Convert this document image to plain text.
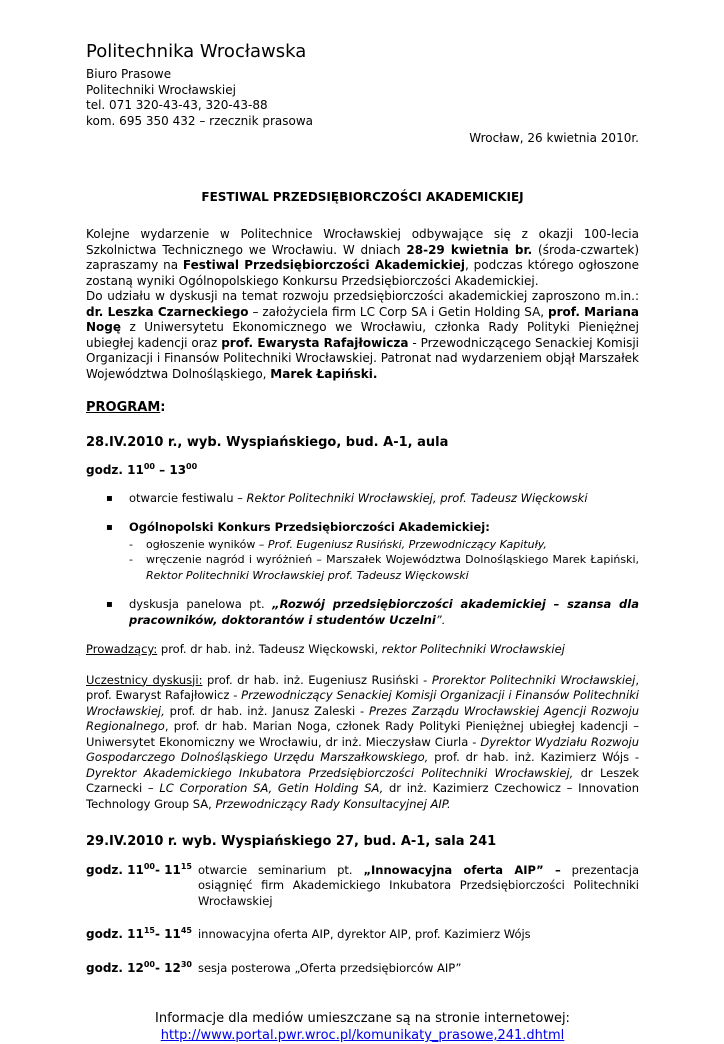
Politechnika Wrocławska

Biuro Prasowe

Politechniki Wrocławskiej

tel. 071 320-43-43, 320-43-88

kom. 695 350 432 – rzecznik prasowa

Wrocław, 26 kwietnia 2010r.

FESTIWAL PRZEDSIĘBIORCZOŚCI AKADEMICKIEJ

Kolejne wydarzenie w Politechnice Wrocławskiej odbywające się z okazji 100-lecia Szkolnictwa Technicznego we Wrocławiu. W dniach 28-29 kwietnia br. (środa-czwartek) zapraszamy na Festiwal Przedsiębiorczości Akademickiej, podczas którego ogłoszone zostaną wyniki Ogólnopolskiego Konkursu Przedsiębiorczości Akademickiej.

Do udziału w dyskusji na temat rozwoju przedsiębiorczości akademickiej zaproszono m.in.: dr. Leszka Czarneckiego – założyciela firm LC Corp SA i Getin Holding SA, prof. Mariana Nogę z Uniwersytetu Ekonomicznego we Wrocławiu, członka Rady Polityki Pieniężnej ubiegłej kadencji oraz prof. Ewarysta Rafajłowicza - Przewodniczącego Senackiej Komisji Organizacji i Finansów Politechniki Wrocławskiej. Patronat nad wydarzeniem objął Marszałek Województwa Dolnośląskiego, Marek Łapiński.

PROGRAM:
28.IV.2010 r., wyb. Wyspiańskiego, bud. A-1, aula
godz. $11^{00} - 13^{00}$
▪ otwarcie festiwalu – Rektor Politechniki Wrocławskiej, prof. Tadeusz Więckowski
▪ Ogólnopolski Konkurs Przedsiębiorczości Akademickiej:
- ogłoszenie wyników – Prof. Eugeniusz Rusiński, Przewodniczący Kapituły,
- wręczenie nagród i wyróżnień – Marszałek Województwa Dolnośląskiego Marek Łapiński, Rektor Politechniki Wrocławskiej prof. Tadeusz Więckowski
▪ dyskusja panelowa pt. „Rozwój przedsiębiorczości akademickiej – szansa dla pracowników, doktorantów i studentów Uczelni”.

Prowadzący: prof. dr hab. inż. Tadeusz Więckowski, rektor Politechniki Wrocławskiej

Uczestnicy dyskusji: prof. dr hab. inż. Eugeniusz Rusiński - Prorektor Politechniki Wrocławskiej, prof. Ewaryst Rafajłowicz - Przewodniczący Senackiej Komisji Organizacji i Finansów Politechniki Wrocławskiej, prof. dr hab. inż. Janusz Zaleski - Prezes Zarządu Wrocławskiej Agencji Rozwoju Regionalnego, prof. dr hab. Marian Noga, członek Rady Polityki Pieniężnej ubiegłej kadencji – Uniwersytet Ekonomiczny we Wrocławiu, dr inż. Mieczysław Ciurla - Dyrektor Wydziału Rozwoju Gospodarczego Dolnośląskiego Urzędu Marszałkowskiego, prof. dr hab. inż. Kazimierz Wójs - Dyrektor Akademickiego Inkubatora Przedsiębiorczości Politechniki Wrocławskiej, dr Leszek Czarnecki – LC Corporation SA, Getin Holding SA, dr inż. Kazimierz Czechowicz – Innovation Technology Group SA, Przewodniczący Rady Konsultacyjnej AIP.

29.IV.2010 r. wyb. Wyspiańskiego 27, bud. A-1, sala 241
godz. $11^{00}-$ $11^{15}$ otwarcie seminarium pt. „Innowacyjna oferta AIP” – prezentacja osiągnięć firm Akademickiego Inkubatora Przedsiębiorczości Politechniki Wrocławskiej
godz. $11^{15}-$ $11^{45}$ innowacyjna oferta AIP, dyrektor AIP, prof. Kazimierz Wójs
godz. $12^{00}-$ $12^{30}$ sesja posterowa „Oferta przedsiębiorców AIP”
Informacje dla mediów umieszczane są na stronie internetowej:
http://www.portal.pwr.wroc.pl/komunikaty_prasowe,241.dhtml
